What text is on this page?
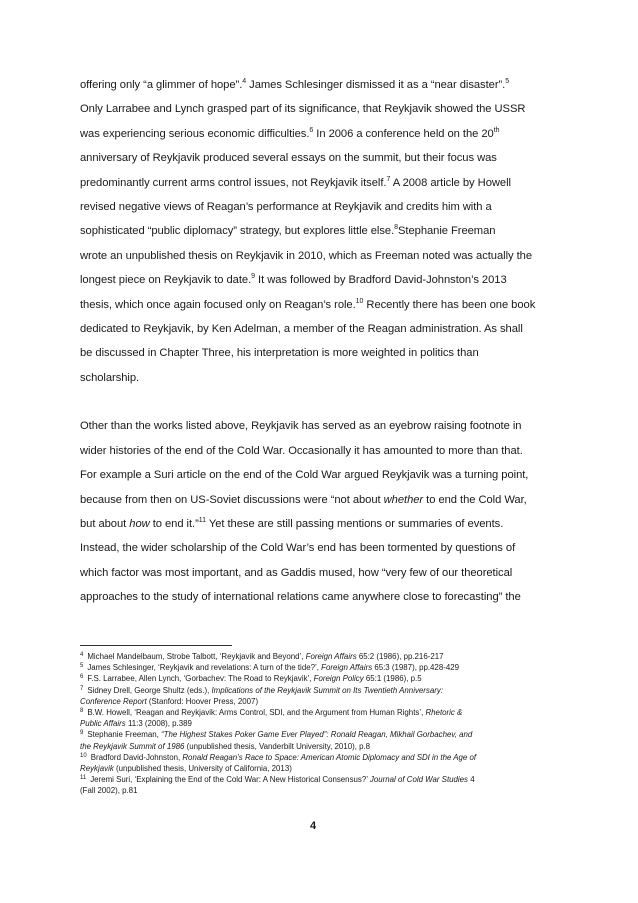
offering only “a glimmer of hope”.$^4$ James Schlesinger dismissed it as a “near disaster”.$^5$

Only Larrabee and Lynch grasped part of its significance, that Reykjavik showed the USSR

was experiencing serious economic difficulties.$^6$ In 2006 a conference held on the 20th

anniversary of Reykjavik produced several essays on the summit, but their focus was

predominantly current arms control issues, not Reykjavik itself.$^7$ A 2008 article by Howell

revised negative views of Reagan’s performance at Reykjavik and credits him with a

sophisticated “public diplomacy” strategy, but explores little else.$^8$Stephanie Freeman

wrote an unpublished thesis on Reykjavik in 2010, which as Freeman noted was actually the

longest piece on Reykjavik to date.$^9$ It was followed by Bradford David-Johnston’s 2013

thesis, which once again focused only on Reagan’s role.$^{10}$ Recently there has been one book

dedicated to Reykjavik, by Ken Adelman, a member of the Reagan administration. As shall

be discussed in Chapter Three, his interpretation is more weighted in politics than

scholarship.

Other than the works listed above, Reykjavik has served as an eyebrow raising footnote in

wider histories of the end of the Cold War. Occasionally it has amounted to more than that.

For example a Suri article on the end of the Cold War argued Reykjavik was a turning point,

because from then on US-Soviet discussions were “not about whether to end the Cold War,

but about how to end it.”$^{11}$ Yet these are still passing mentions or summaries of events.

Instead, the wider scholarship of the Cold War’s end has been tormented by questions of

which factor was most important, and as Gaddis mused, how “very few of our theoretical

approaches to the study of international relations came anywhere close to forecasting” the

$^4$ Michael Mandelbaum, Strobe Talbott, ‘Reykjavik and Beyond’, Foreign Affairs 65:2 (1986), pp.216-217

$^5$ James Schlesinger, ‘Reykjavik and revelations: A turn of the tide?’, Foreign Affairs 65:3 (1987), pp.428-429

$^6$ F.S. Larrabee, Allen Lynch, ‘Gorbachev: The Road to Reykjavik’, Foreign Policy 65:1 (1986), p.5

$^7$ Sidney Drell, George Shultz (eds.), Implications of the Reykjavik Summit on Its Twentieth Anniversary:

Conference Report (Stanford: Hoover Press, 2007)

$^8$ B.W. Howell, ‘Reagan and Reykjavik: Arms Control, SDI, and the Argument from Human Rights’, Rhetoric &

Public Affairs 11:3 (2008), p.389

$^9$ Stephanie Freeman, “The Highest Stakes Poker Game Ever Played”: Ronald Reagan, Mikhail Gorbachev, and

the Reykjavik Summit of 1986 (unpublished thesis, Vanderbilt University, 2010), p.8

$^{10}$ Bradford David-Johnston, Ronald Reagan’s Race to Space: American Atomic Diplomacy and SDI in the Age of

Reykjavik (unpublished thesis, University of California, 2013)

$^{11}$ Jeremi Suri, ‘Explaining the End of the Cold War: A New Historical Consensus?’ Journal of Cold War Studies 4

(Fall 2002), p.81

4
